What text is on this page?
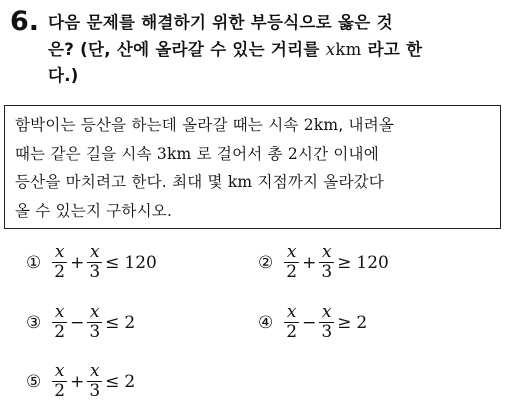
6. 다음 문제를 해결하기 위한 부등식으로 옳은 것
은? (단, 산에 올라갈 수 있는 거리를 xkm 라고 한
다.)
함박이는 등산을 하는데 올라갈 때는 시속 2km, 내려올
때는 같은 길을 시속 3km 로 걸어서 총 2시간 이내에
등산을 마치려고 한다. 최대 몇 km 지점까지 올라갔다
올 수 있는지 구하시오.
① $\frac{x}{2} + \frac{x}{3} \le 120$	② $\frac{x}{2} + \frac{x}{3} \ge 120$
③ $\frac{x}{2} - \frac{x}{3} \le 2$	④ $\frac{x}{2} - \frac{x}{3} \ge 2$
⑤ $\frac{x}{2} + \frac{x}{3} \le 2$
